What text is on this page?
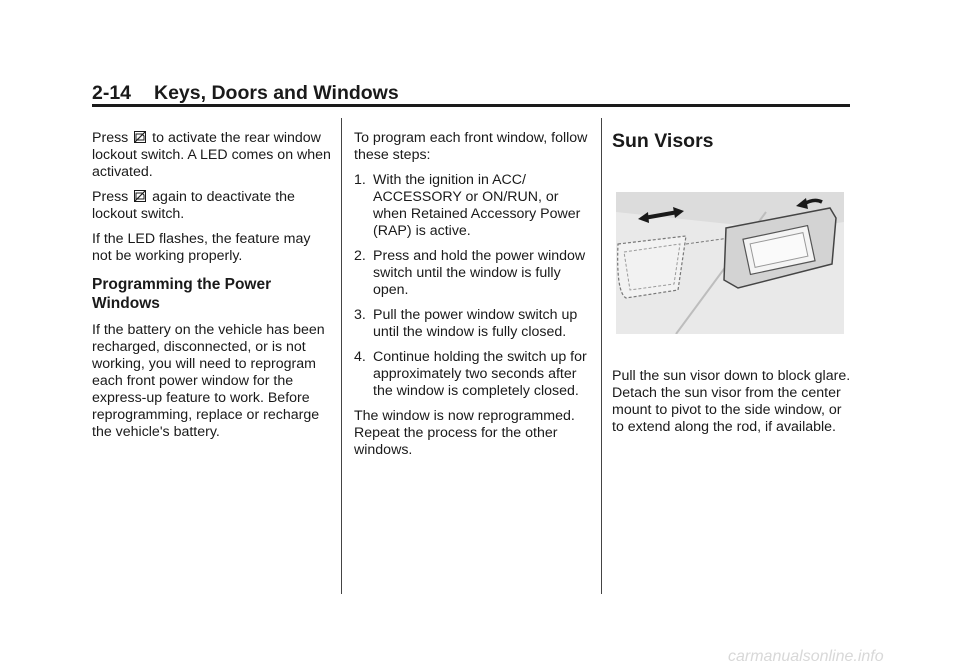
2-14 Keys, Doors and Windows

Press to activate the rear window lockout switch. A LED comes on when activated.

Press again to deactivate the lockout switch.

If the LED flashes, the feature may not be working properly.

Programming the Power Windows

If the battery on the vehicle has been recharged, disconnected, or is not working, you will need to reprogram each front power window for the express-up feature to work. Before reprogramming, replace or recharge the vehicle's battery.

To program each front window, follow these steps:

1. With the ignition in ACC/ ACCESSORY or ON/RUN, or when Retained Accessory Power (RAP) is active.
2. Press and hold the power window switch until the window is fully open.
3. Pull the power window switch up until the window is fully closed.
4. Continue holding the switch up for approximately two seconds after the window is completely closed.

The window is now reprogrammed. Repeat the process for the other windows.

Sun Visors

Pull the sun visor down to block glare. Detach the sun visor from the center mount to pivot to the side window, or to extend along the rod, if available.

carmanualsonline.info
